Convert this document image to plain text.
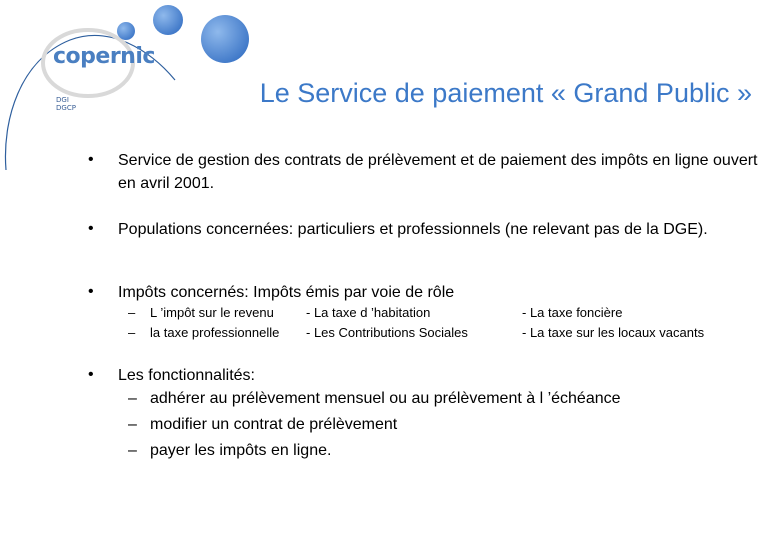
copernic
DGI
DGCP	Le Service de paiement « Grand Public »
• Service de gestion des contrats de prélèvement et de paiement des impôts en ligne ouvert en avril 2001.
• Populations concernées: particuliers et professionnels (ne relevant pas de la DGE).
• Impôts concernés: Impôts émis par voie de rôle
–
–
L ’impôt sur le revenu
la taxe professionnelle
- La taxe d ’habitation
- Les Contributions Sociales
- La taxe foncière
- La taxe sur les locaux vacants
• Les fonctionnalités:
– adhérer au prélèvement mensuel ou au prélèvement à l ’échéance
– modifier un contrat de prélèvement
– payer les impôts en ligne.
